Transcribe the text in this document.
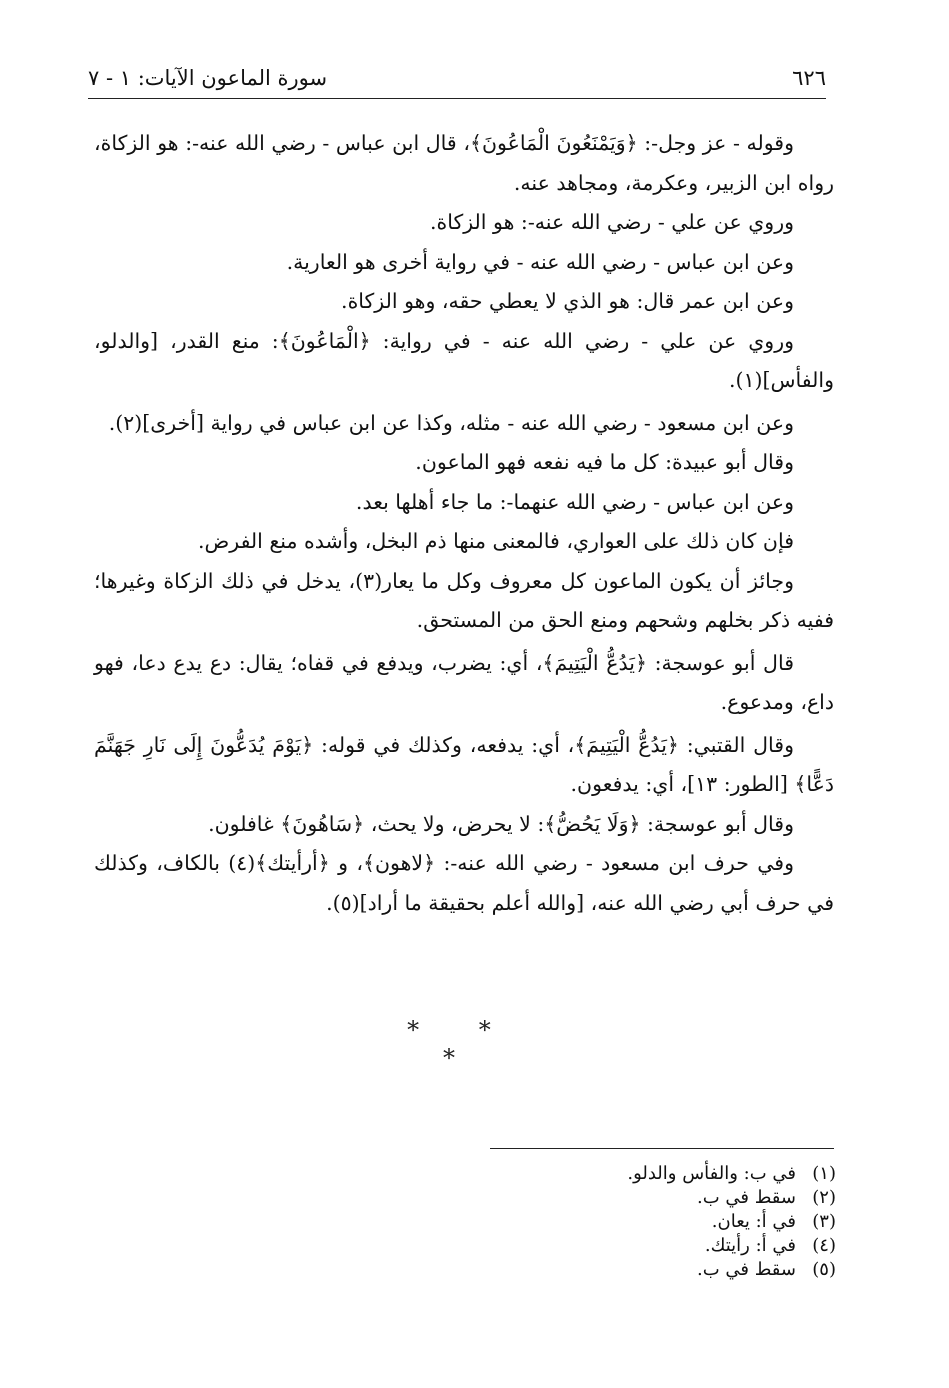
٦٢٦
سورة الماعون الآيات: ١ - ٧

وقوله - عز وجل-: ﴿وَيَمْنَعُونَ الْمَاعُونَ﴾، قال ابن عباس - رضي الله عنه-: هو الزكاة، رواه ابن الزبير، وعكرمة، ومجاهد عنه.

وروي عن علي - رضي الله عنه-: هو الزكاة.

وعن ابن عباس - رضي الله عنه - في رواية أخرى هو العارية.

وعن ابن عمر قال: هو الذي لا يعطي حقه، وهو الزكاة.

وروي عن علي - رضي الله عنه - في رواية: ﴿الْمَاعُونَ﴾: منع القدر، [والدلو، والفأس](١).

وعن ابن مسعود - رضي الله عنه - مثله، وكذا عن ابن عباس في رواية [أخرى](٢).

وقال أبو عبيدة: كل ما فيه نفعه فهو الماعون.

وعن ابن عباس - رضي الله عنهما-: ما جاء أهلها بعد.

فإن كان ذلك على العواري، فالمعنى منها ذم البخل، وأشده منع الفرض.

وجائز أن يكون الماعون كل معروف وكل ما يعار(٣)، يدخل في ذلك الزكاة وغيرها؛ ففيه ذكر بخلهم وشحهم ومنع الحق من المستحق.

قال أبو عوسجة: ﴿يَدُعُّ الْيَتِيمَ﴾، أي: يضرب، ويدفع في قفاه؛ يقال: دع يدع دعا، فهو داع، ومدعوع.

وقال القتبي: ﴿يَدُعُّ الْيَتِيمَ﴾، أي: يدفعه، وكذلك في قوله: ﴿يَوْمَ يُدَعُّونَ إِلَى نَارِ جَهَنَّمَ دَعًّا﴾ [الطور: ١٣]، أي: يدفعون.

وقال أبو عوسجة: ﴿وَلَا يَحُضُّ﴾: لا يحرض، ولا يحث، ﴿سَاهُونَ﴾ غافلون.

وفي حرف ابن مسعود - رضي الله عنه-: ﴿لاهون﴾، و ﴿أرأيتك﴾(٤) بالكاف، وكذلك في حرف أبي رضي الله عنه، [والله أعلم بحقيقة ما أراد](٥).

* * *

(١)في ب: والفأس والدلو.

(٢)سقط في ب.

(٣)في أ: يعان.

(٤)في أ: رأيتك.

(٥)سقط في ب.
